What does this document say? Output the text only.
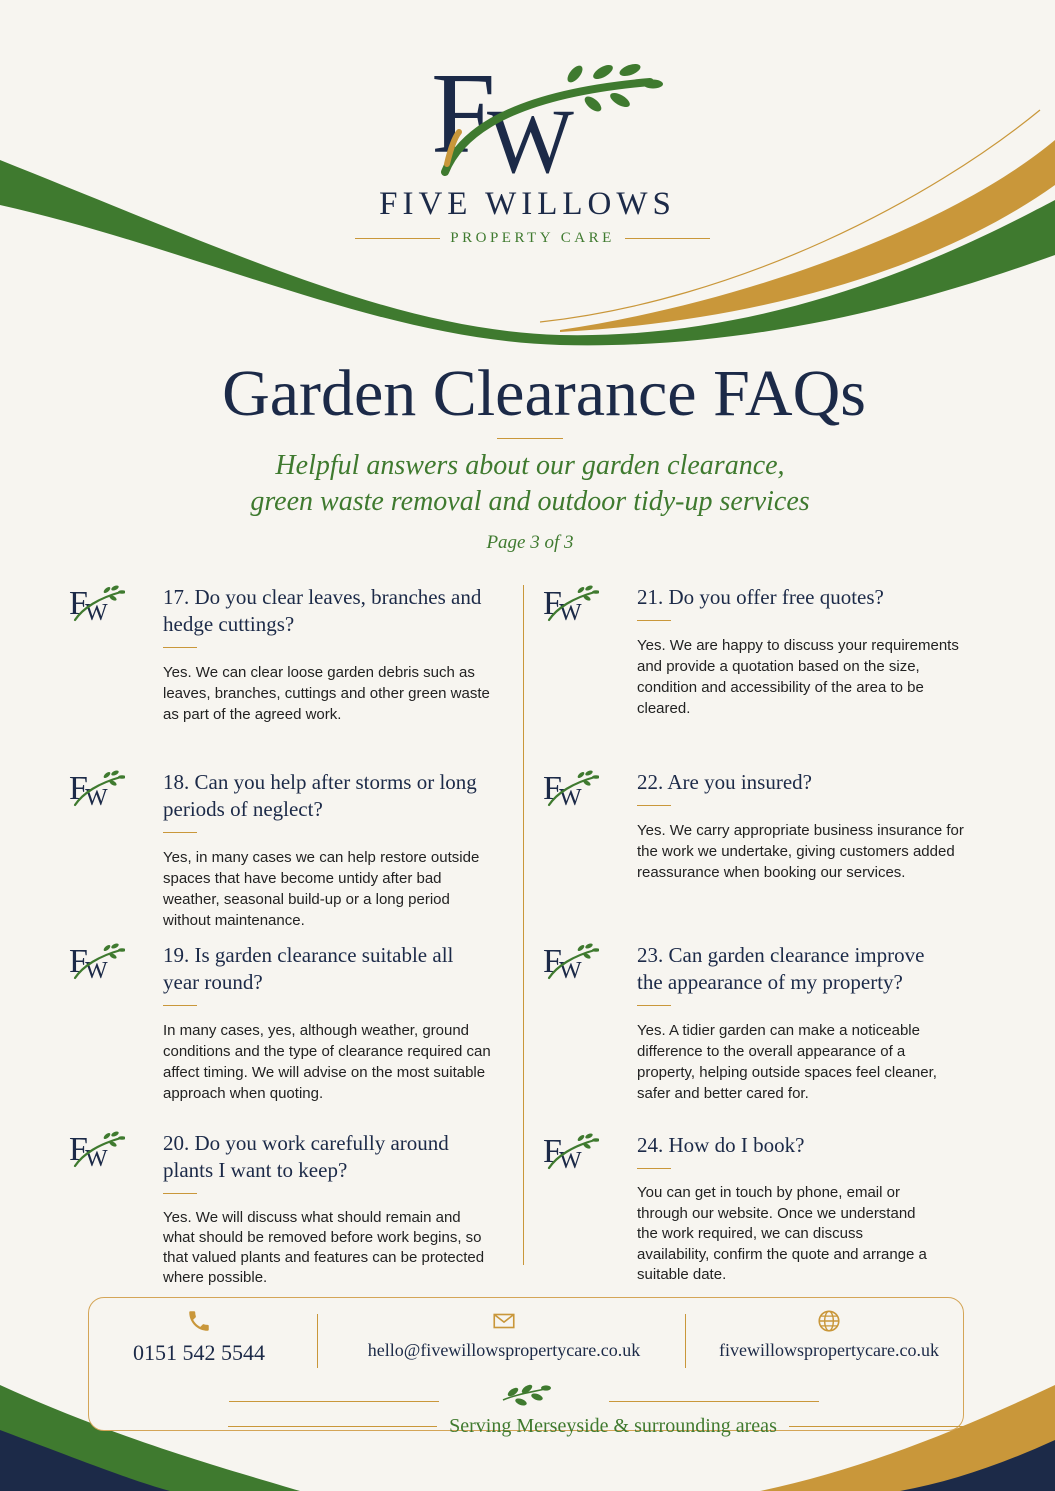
F
W
FIVE WILLOWS
PROPERTY CARE
Garden Clearance FAQs
Helpful answers about our garden clearance,
green waste removal and outdoor tidy-up services
Page 3 of 3
17. Do you clear leaves, branches and hedge cuttings?
Yes. We can clear loose garden debris such as leaves, branches, cuttings and other green waste as part of the agreed work.
18. Can you help after storms or long periods of neglect?
Yes, in many cases we can help restore outside spaces that have become untidy after bad weather, seasonal build-up or a long period without maintenance.
19. Is garden clearance suitable all year round?
In many cases, yes, although weather, ground conditions and the type of clearance required can affect timing. We will advise on the most suitable approach when quoting.
20. Do you work carefully around plants I want to keep?
Yes. We will discuss what should remain and what should be removed before work begins, so that valued plants and features can be protected where possible.
21. Do you offer free quotes?
Yes. We are happy to discuss your requirements and provide a quotation based on the size, condition and accessibility of the area to be cleared.
22. Are you insured?
Yes. We carry appropriate business insurance for the work we undertake, giving customers added reassurance when booking our services.
23. Can garden clearance improve the appearance of my property?
Yes. A tidier garden can make a noticeable difference to the overall appearance of a property, helping outside spaces feel cleaner, safer and better cared for.
24. How do I book?
You can get in touch by phone, email or through our website. Once we understand the work required, we can discuss availability, confirm the quote and arrange a suitable date.
0151 542 5544	hello@fivewillowspropertycare.co.uk	fivewillowspropertycare.co.uk
Serving Merseyside & surrounding areas
